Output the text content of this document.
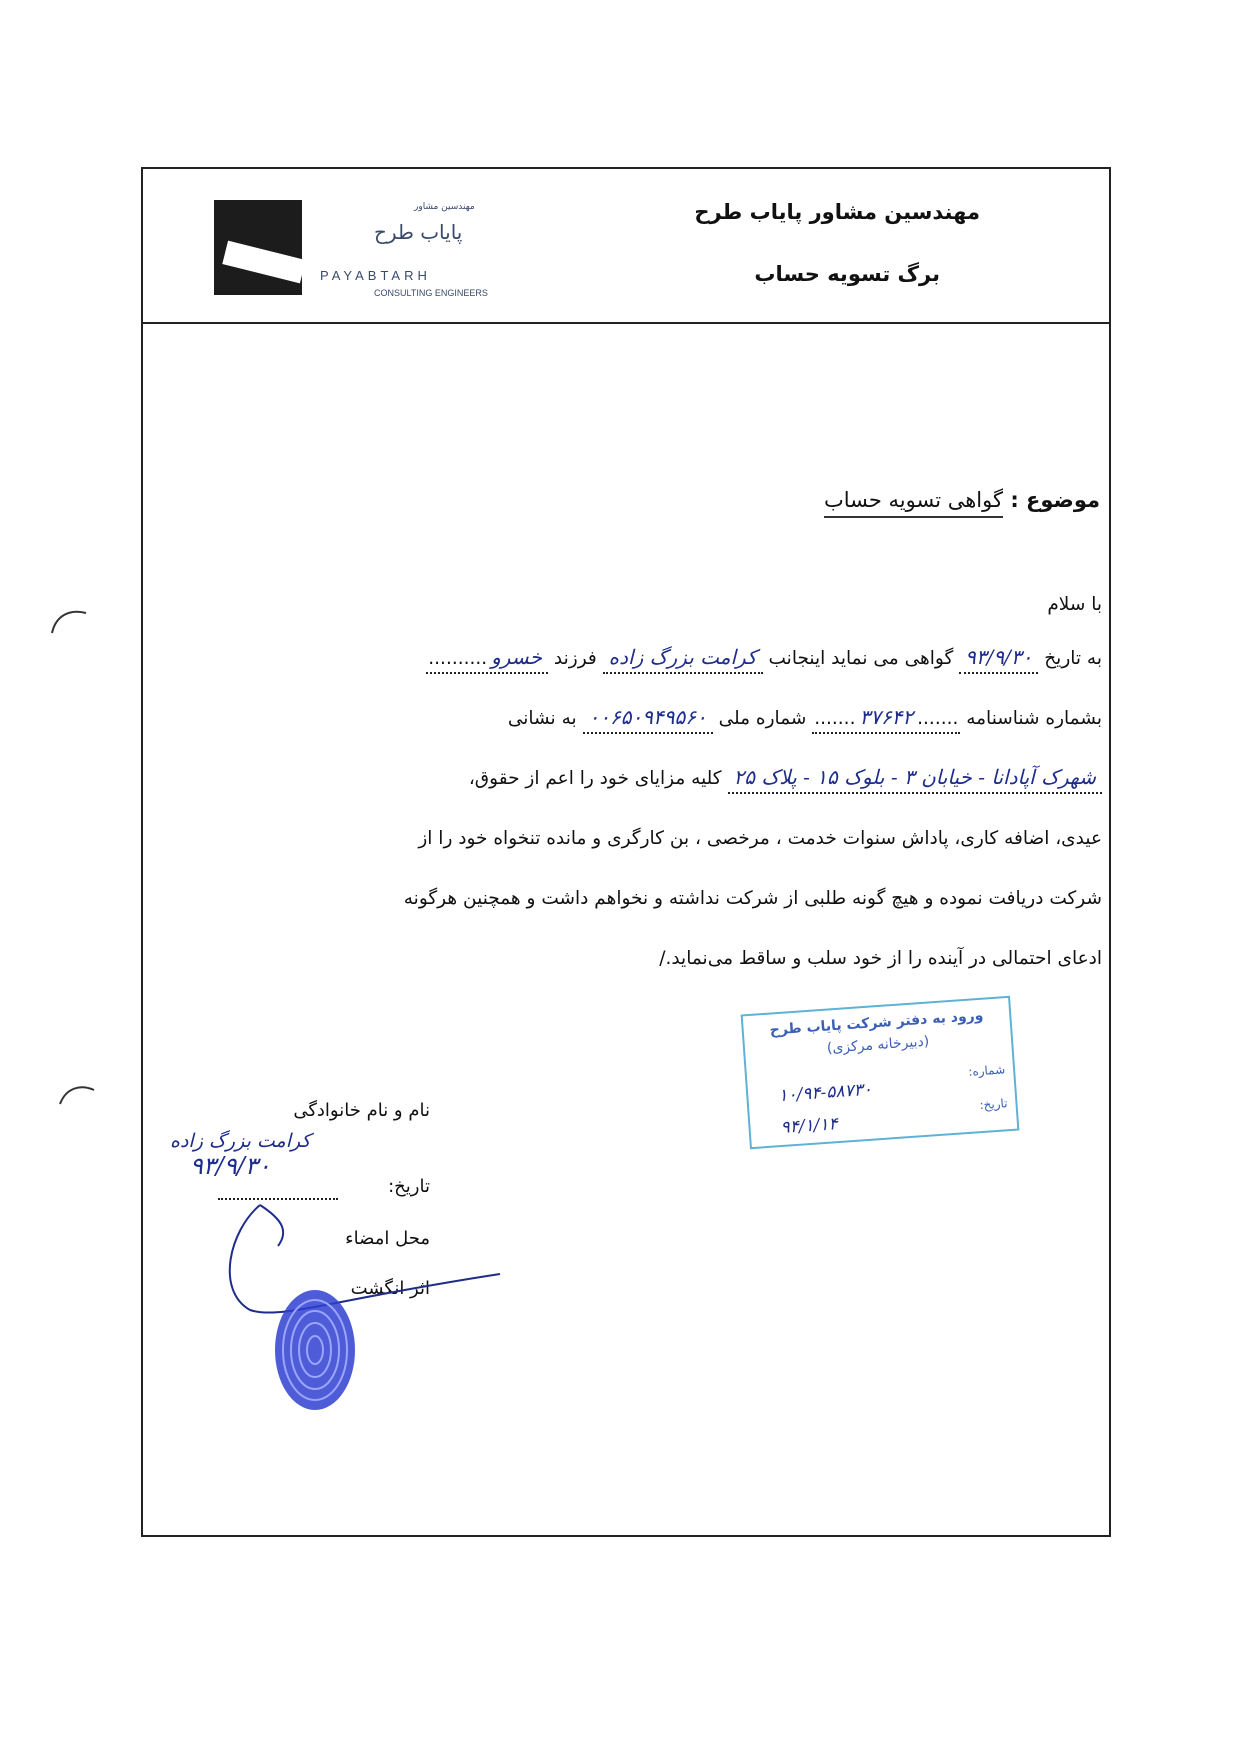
مهندسین مشاور پایاب طرح

برگ تسویه حساب

مهندسین مشاور
پایاب طرح
PAYABTARH
CONSULTING ENGINEERS
موضوع : گواهی تسویه حساب
با سلام
به تاریخ ۹۳/۹/۳۰ گواهی می نماید اینجانب کرامت بزرگ زاده فرزند خسرو..........
بشماره شناسنامه .......۳۷۶۴۲....... شماره ملی ۰۰۶۵۰۹۴۹۵۶۰ به نشانی
شهرک آپادانا - خیابان ۳ - بلوک ۱۵ - پلاک ۲۵ کلیه مزایای خود را اعم از حقوق،
عیدی، اضافه کاری، پاداش سنوات خدمت ، مرخصی ، بن کارگری و مانده تنخواه خود را از
شرکت دریافت نموده و هیچ گونه طلبی از شرکت نداشته و نخواهم داشت و همچنین هرگونه
ادعای احتمالی در آینده را از خود سلب و ساقط می‌نماید./
ورود به دفتر شرکت پایاب طرح
(دبیرخانه مرکزی)
شماره:
۱۰/۹۴-۵۸۷۳۰	تاریخ:
۹۴/۱/۱۴
نام و نام خانوادگی
کرامت بزرگ زاده
۹۳/۹/۳۰
تاریخ:
محل امضاء
اثر انگشت
